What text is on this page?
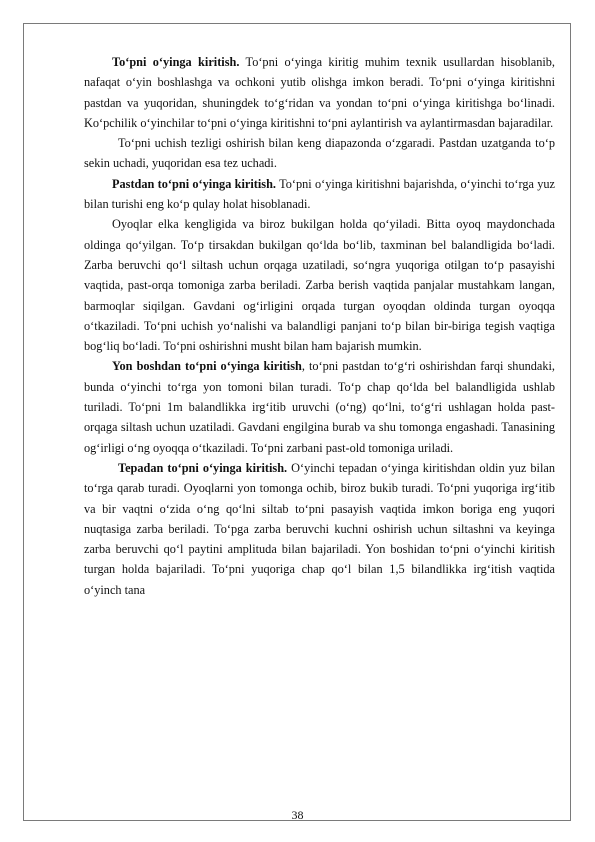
To‘pni o‘yinga kiritish. To‘pni o‘yinga kiritig muhim texnik usullardan hisoblanib, nafaqat o‘yin boshlashga va ochkoni yutib olishga imkon beradi. To‘pni o‘yinga kiritishni pastdan va yuqoridan, shuningdek to‘g‘ridan va yondan to‘pni o‘yinga kiritishga bo‘linadi. Ko‘pchilik o‘yinchilar to‘pni o‘yinga kiritishni to‘pni aylantirish va aylantirmasdan bajaradilar.

To‘pni uchish tezligi oshirish bilan keng diapazonda o‘zgaradi. Pastdan uzatganda to‘p sekin uchadi, yuqoridan esa tez uchadi.

Pastdan to‘pni o‘yinga kiritish. To‘pni o‘yinga kiritishni bajarishda, o‘yinchi to‘rga yuz bilan turishi eng ko‘p qulay holat hisoblanadi.

Oyoqlar elka kengligida va biroz bukilgan holda qo‘yiladi. Bitta oyoq maydonchada oldinga qo‘yilgan. To‘p tirsakdan bukilgan qo‘lda bo‘lib, taxminan bel balandligida bo‘ladi. Zarba beruvchi qo‘l siltash uchun orqaga uzatiladi, so‘ngra yuqoriga otilgan to‘p pasayishi vaqtida, past-orqa tomoniga zarba beriladi. Zarba berish vaqtida panjalar mustahkam langan, barmoqlar siqilgan. Gavdani og‘irligini orqada turgan oyoqdan oldinda turgan oyoqqa o‘tkaziladi. To‘pni uchish yo‘nalishi va balandligi panjani to‘p bilan bir-biriga tegish vaqtiga bog‘liq bo‘ladi. To‘pni oshirishni musht bilan ham bajarish mumkin.

Yon boshdan to‘pni o‘yinga kiritish, to‘pni pastdan to‘g‘ri oshirishdan farqi shundaki, bunda o‘yinchi to‘rga yon tomoni bilan turadi. To‘p chap qo‘lda bel balandligida ushlab turiladi. To‘pni 1m balandlikka irg‘itib uruvchi (o‘ng) qo‘lni, to‘g‘ri ushlagan holda past-orqaga siltash uchun uzatiladi. Gavdani engilgina burab va shu tomonga engashadi. Tanasining og‘irligi o‘ng oyoqqa o‘tkaziladi. To‘pni zarbani past-old tomoniga uriladi.

Tepadan to‘pni o‘yinga kiritish. O‘yinchi tepadan o‘yinga kiritishdan oldin yuz bilan to‘rga qarab turadi. Oyoqlarni yon tomonga ochib, biroz bukib turadi. To‘pni yuqoriga irg‘itib va bir vaqtni o‘zida o‘ng qo‘lni siltab to‘pni pasayish vaqtida imkon boriga eng yuqori nuqtasiga zarba beriladi. To‘pga zarba beruvchi kuchni oshirish uchun siltashni va keyinga zarba beruvchi qo‘l paytini amplituda bilan bajariladi. Yon boshidan to‘pni o‘yinchi kiritish turgan holda bajariladi. To‘pni yuqoriga chap qo‘l bilan 1,5 bilandlikka irg‘itish vaqtida o‘yinch tana

38
